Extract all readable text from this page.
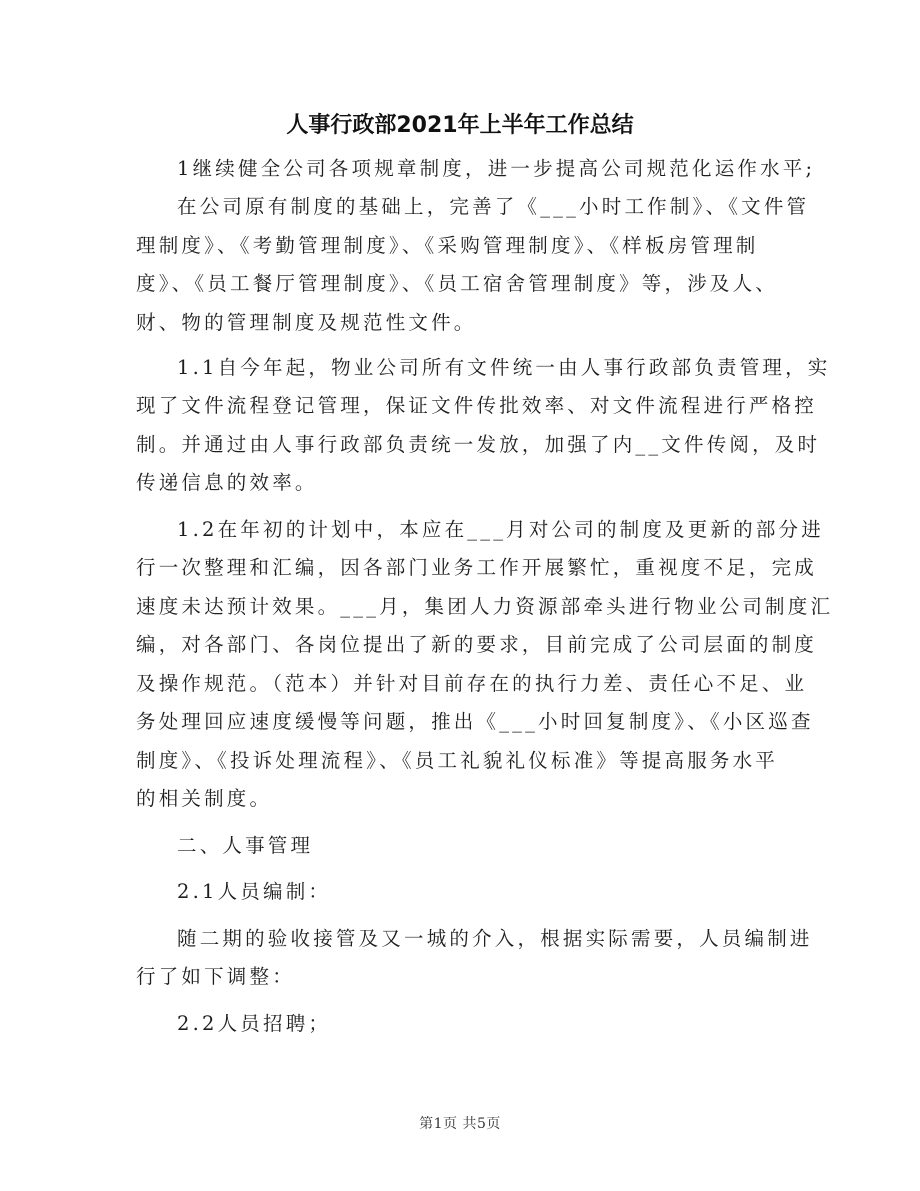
人事行政部2021年上半年工作总结
1继续健全公司各项规章制度，进一步提高公司规范化运作水平;
在公司原有制度的基础上，完善了《___小时工作制》、《文件管
理制度》、《考勤管理制度》、《采购管理制度》、《样板房管理制
度》、《员工餐厅管理制度》、《员工宿舍管理制度》等，涉及人、
财、物的管理制度及规范性文件。
1.1自今年起，物业公司所有文件统一由人事行政部负责管理，实
现了文件流程登记管理，保证文件传批效率、对文件流程进行严格控
制。并通过由人事行政部负责统一发放，加强了内__文件传阅，及时
传递信息的效率。
1.2在年初的计划中，本应在___月对公司的制度及更新的部分进
行一次整理和汇编，因各部门业务工作开展繁忙，重视度不足，完成
速度未达预计效果。___月，集团人力资源部牵头进行物业公司制度汇
编，对各部门、各岗位提出了新的要求，目前完成了公司层面的制度
及操作规范。（范本）并针对目前存在的执行力差、责任心不足、业
务处理回应速度缓慢等问题，推出《___小时回复制度》、《小区巡查
制度》、《投诉处理流程》、《员工礼貌礼仪标准》等提高服务水平
的相关制度。
二、人事管理
2.1人员编制：
随二期的验收接管及又一城的介入，根据实际需要，人员编制进
行了如下调整：
2.2人员招聘；
第1页 共5页
